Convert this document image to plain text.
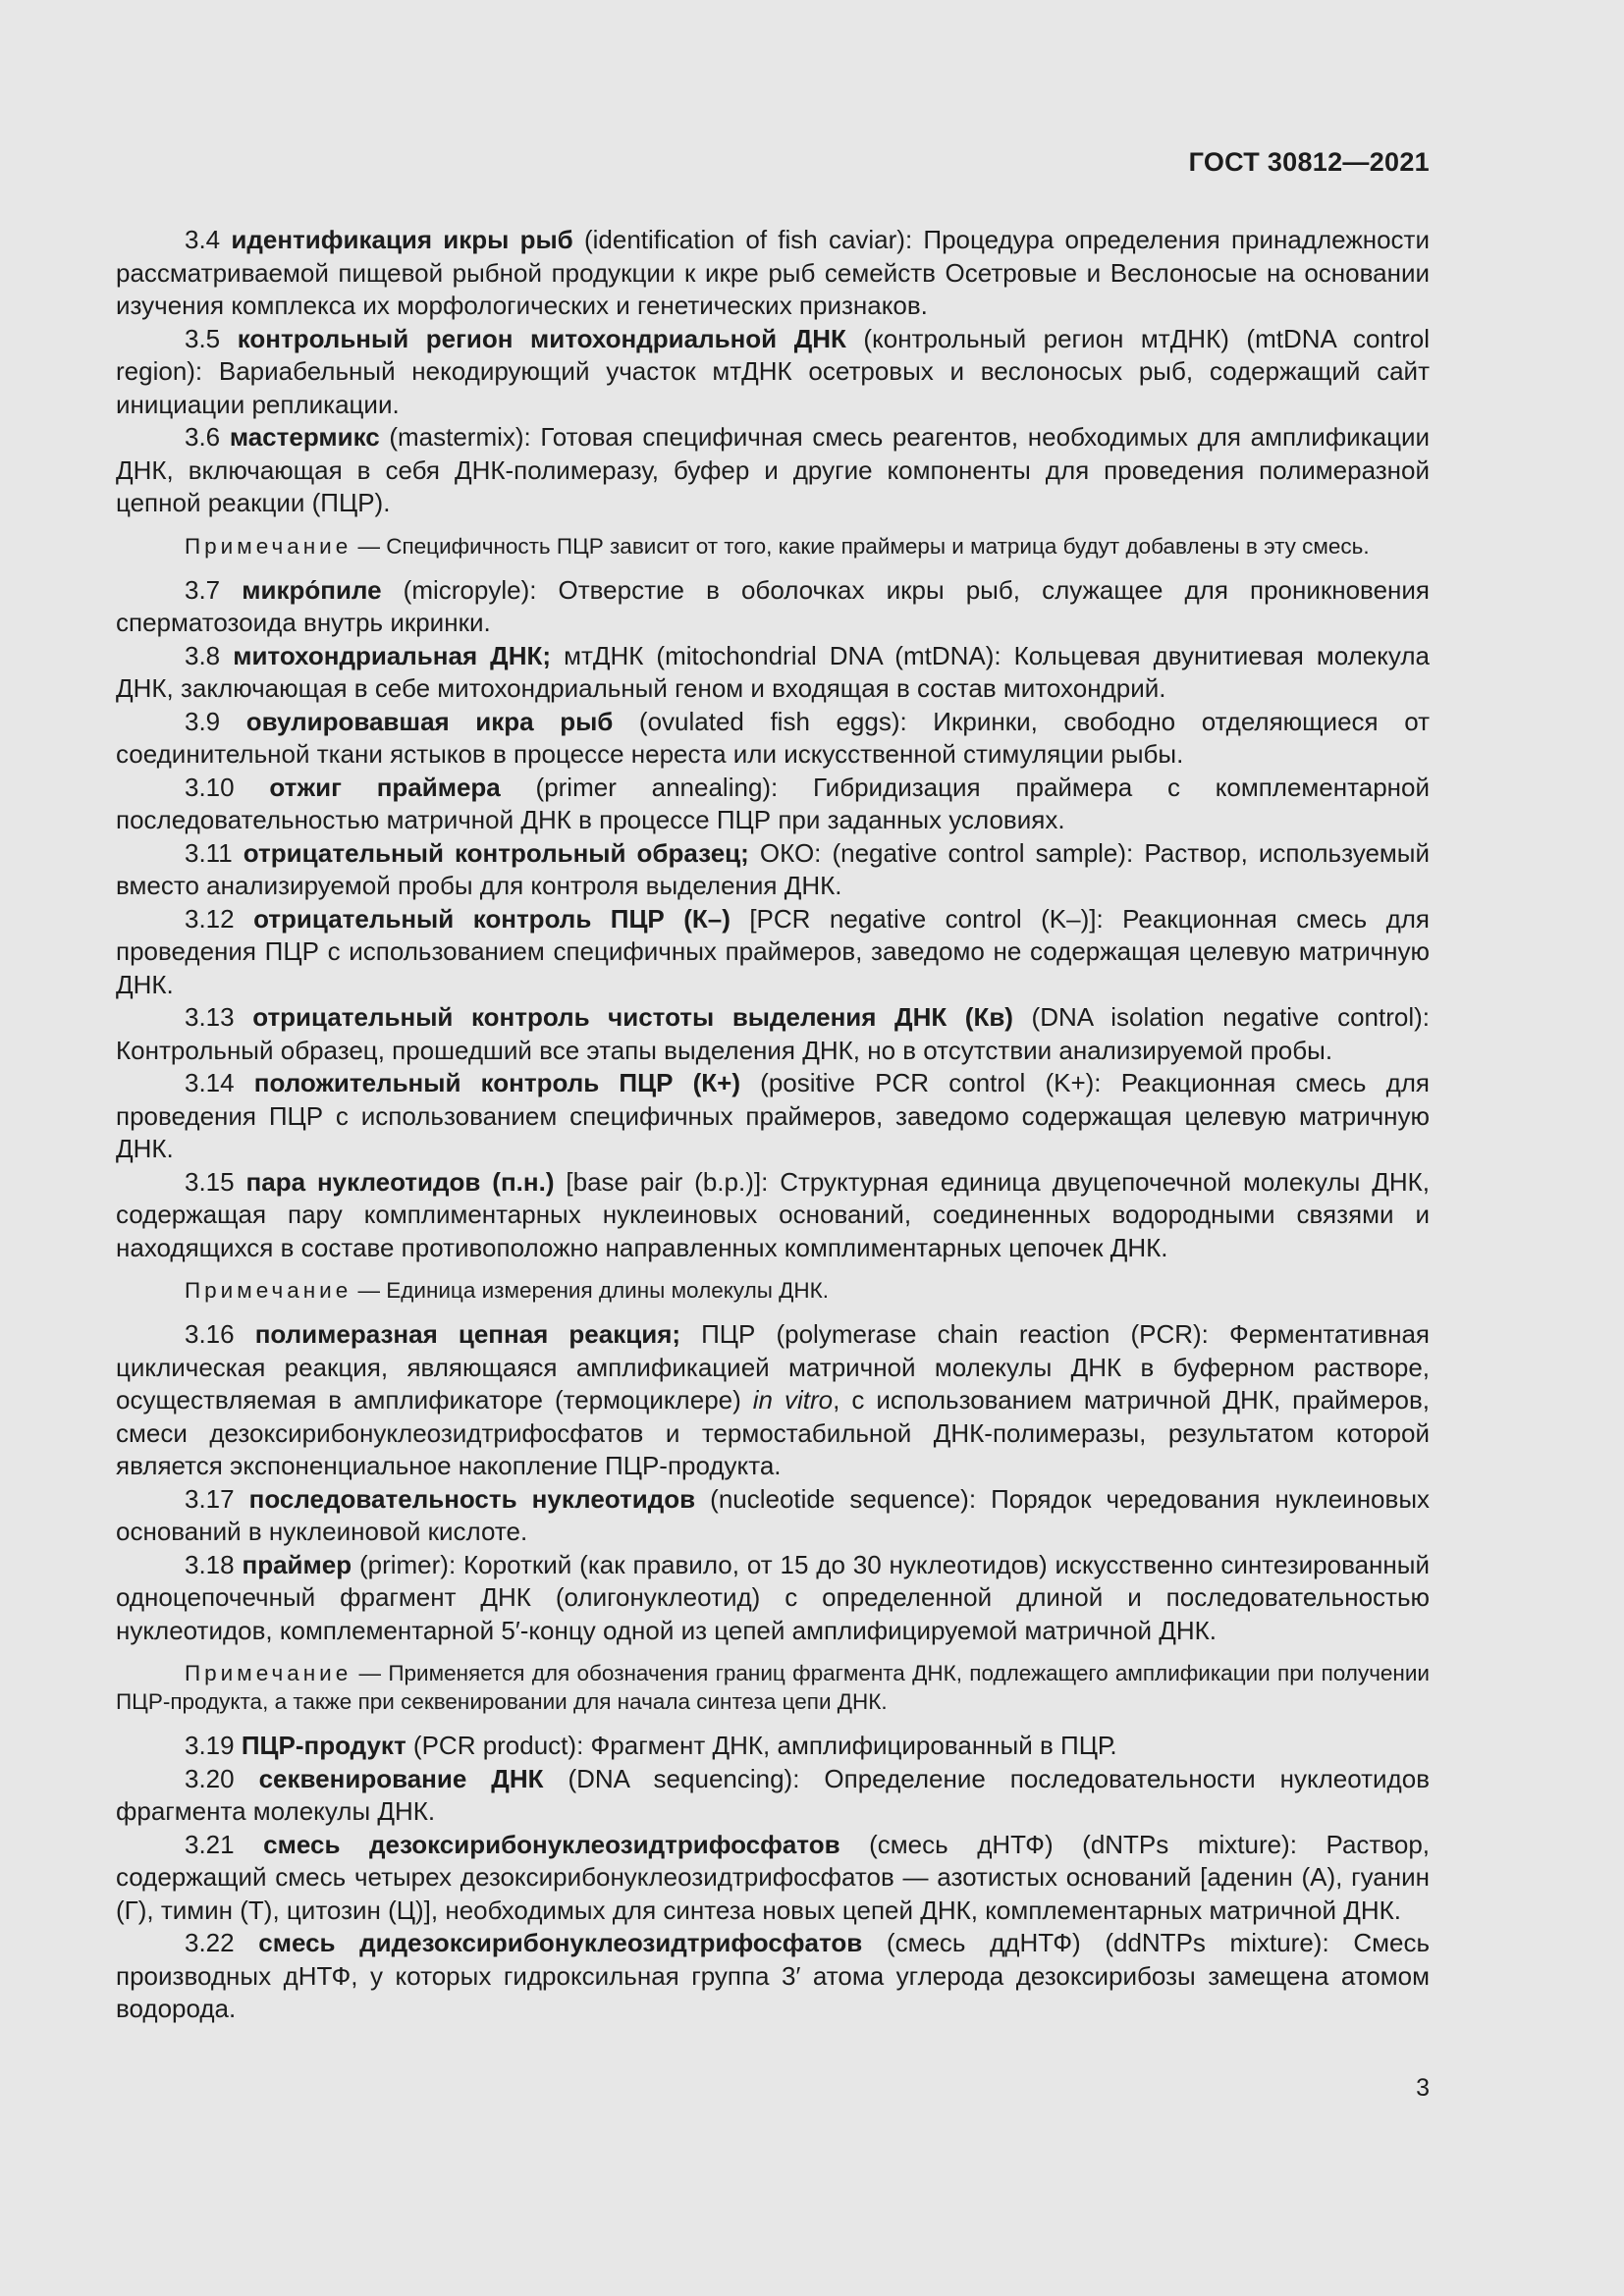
ГОСТ 30812—2021

3.4 идентификация икры рыб (identification of fish caviar): Процедура определения принадлежности рассматриваемой пищевой рыбной продукции к икре рыб семейств Осетровые и Веслоносые на основании изучения комплекса их морфологических и генетических признаков.

3.5 контрольный регион митохондриальной ДНК (контрольный регион мтДНК) (mtDNA control region): Вариабельный некодирующий участок мтДНК осетровых и веслоносых рыб, содержащий сайт инициации репликации.

3.6 мастермикс (mastermix): Готовая специфичная смесь реагентов, необходимых для амплификации ДНК, включающая в себя ДНК-полимеразу, буфер и другие компоненты для проведения полимеразной цепной реакции (ПЦР).

Примечание — Специфичность ПЦР зависит от того, какие праймеры и матрица будут добавлены в эту смесь.

3.7 микро́пиле (micropyle): Отверстие в оболочках икры рыб, служащее для проникновения сперматозоида внутрь икринки.

3.8 митохондриальная ДНК; мтДНК (mitochondrial DNA (mtDNA): Кольцевая двунитиевая молекула ДНК, заключающая в себе митохондриальный геном и входящая в состав митохондрий.

3.9 овулировавшая икра рыб (ovulated fish eggs): Икринки, свободно отделяющиеся от соединительной ткани ястыков в процессе нереста или искусственной стимуляции рыбы.

3.10 отжиг праймера (primer annealing): Гибридизация праймера с комплементарной последовательностью матричной ДНК в процессе ПЦР при заданных условиях.

3.11 отрицательный контрольный образец; ОКО: (negative control sample): Раствор, используемый вместо анализируемой пробы для контроля выделения ДНК.

3.12 отрицательный контроль ПЦР (К–) [PCR negative control (K–)]: Реакционная смесь для проведения ПЦР с использованием специфичных праймеров, заведомо не содержащая целевую матричную ДНК.

3.13 отрицательный контроль чистоты выделения ДНК (Кв) (DNA isolation negative control): Контрольный образец, прошедший все этапы выделения ДНК, но в отсутствии анализируемой пробы.

3.14 положительный контроль ПЦР (К+) (positive PCR control (K+): Реакционная смесь для проведения ПЦР с использованием специфичных праймеров, заведомо содержащая целевую матричную ДНК.

3.15 пара нуклеотидов (п.н.) [base pair (b.p.)]: Структурная единица двуцепочечной молекулы ДНК, содержащая пару комплиментарных нуклеиновых оснований, соединенных водородными связями и находящихся в составе противоположно направленных комплиментарных цепочек ДНК.

Примечание — Единица измерения длины молекулы ДНК.

3.16 полимеразная цепная реакция; ПЦР (polymerase chain reaction (PCR): Ферментативная циклическая реакция, являющаяся амплификацией матричной молекулы ДНК в буферном растворе, осуществляемая в амплификаторе (термоциклере) in vitro, с использованием матричной ДНК, праймеров, смеси дезоксирибонуклеозидтрифосфатов и термостабильной ДНК-полимеразы, результатом которой является экспоненциальное накопление ПЦР-продукта.

3.17 последовательность нуклеотидов (nucleotide sequence): Порядок чередования нуклеиновых оснований в нуклеиновой кислоте.

3.18 праймер (primer): Короткий (как правило, от 15 до 30 нуклеотидов) искусственно синтезированный одноцепочечный фрагмент ДНК (олигонуклеотид) с определенной длиной и последовательностью нуклеотидов, комплементарной 5′-концу одной из цепей амплифицируемой матричной ДНК.

Примечание — Применяется для обозначения границ фрагмента ДНК, подлежащего амплификации при получении ПЦР-продукта, а также при секвенировании для начала синтеза цепи ДНК.

3.19 ПЦР-продукт (PCR product): Фрагмент ДНК, амплифицированный в ПЦР.

3.20 секвенирование ДНК (DNA sequencing): Определение последовательности нуклеотидов фрагмента молекулы ДНК.

3.21 смесь дезоксирибонуклеозидтрифосфатов (смесь дНТФ) (dNTPs mixture): Раствор, содержащий смесь четырех дезоксирибонуклеозидтрифосфатов — азотистых оснований [аденин (А), гуанин (Г), тимин (Т), цитозин (Ц)], необходимых для синтеза новых цепей ДНК, комплементарных матричной ДНК.

3.22 смесь дидезоксирибонуклеозидтрифосфатов (смесь ддНТФ) (ddNTPs mixture): Смесь производных дНТФ, у которых гидроксильная группа 3′ атома углерода дезоксирибозы замещена атомом водорода.

3
